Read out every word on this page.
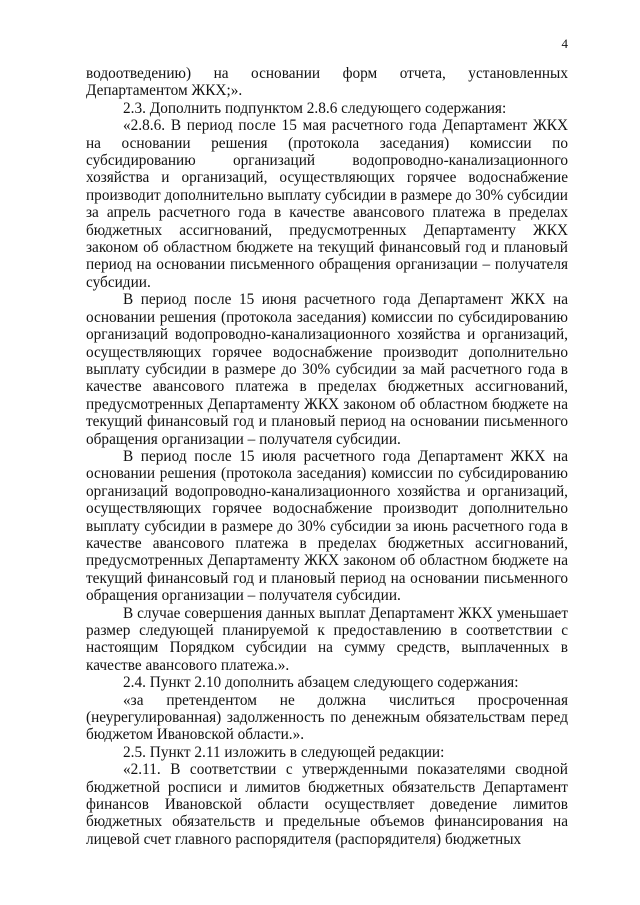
4

водоотведению) на основании форм отчета, установленных Департаментом ЖКХ;».

2.3. Дополнить подпунктом 2.8.6 следующего содержания:

«2.8.6. В период после 15 мая расчетного года Департамент ЖКХ на основании решения (протокола заседания) комиссии по субсидированию организаций водопроводно-канализационного хозяйства и организаций, осуществляющих горячее водоснабжение производит дополнительно выплату субсидии в размере до 30% субсидии за апрель расчетного года в качестве авансового платежа в пределах бюджетных ассигнований, предусмотренных Департаменту ЖКХ законом об областном бюджете на текущий финансовый год и плановый период на основании письменного обращения организации – получателя субсидии.

В период после 15 июня расчетного года Департамент ЖКХ на основании решения (протокола заседания) комиссии по субсидированию организаций водопроводно-канализационного хозяйства и организаций, осуществляющих горячее водоснабжение производит дополнительно выплату субсидии в размере до 30% субсидии за май расчетного года в качестве авансового платежа в пределах бюджетных ассигнований, предусмотренных Департаменту ЖКХ законом об областном бюджете на текущий финансовый год и плановый период на основании письменного обращения организации – получателя субсидии.

В период после 15 июля расчетного года Департамент ЖКХ на основании решения (протокола заседания) комиссии по субсидированию организаций водопроводно-канализационного хозяйства и организаций, осуществляющих горячее водоснабжение производит дополнительно выплату субсидии в размере до 30% субсидии за июнь расчетного года в качестве авансового платежа в пределах бюджетных ассигнований, предусмотренных Департаменту ЖКХ законом об областном бюджете на текущий финансовый год и плановый период на основании письменного обращения организации – получателя субсидии.

В случае совершения данных выплат Департамент ЖКХ уменьшает размер следующей планируемой к предоставлению в соответствии с настоящим Порядком субсидии на сумму средств, выплаченных в качестве авансового платежа.».

2.4. Пункт 2.10 дополнить абзацем следующего содержания:

«за претендентом не должна числиться просроченная (неурегулированная) задолженность по денежным обязательствам перед бюджетом Ивановской области.».

2.5. Пункт 2.11 изложить в следующей редакции:

«2.11. В соответствии с утвержденными показателями сводной бюджетной росписи и лимитов бюджетных обязательств Департамент финансов Ивановской области осуществляет доведение лимитов бюджетных обязательств и предельные объемов финансирования на лицевой счет главного распорядителя (распорядителя) бюджетных
